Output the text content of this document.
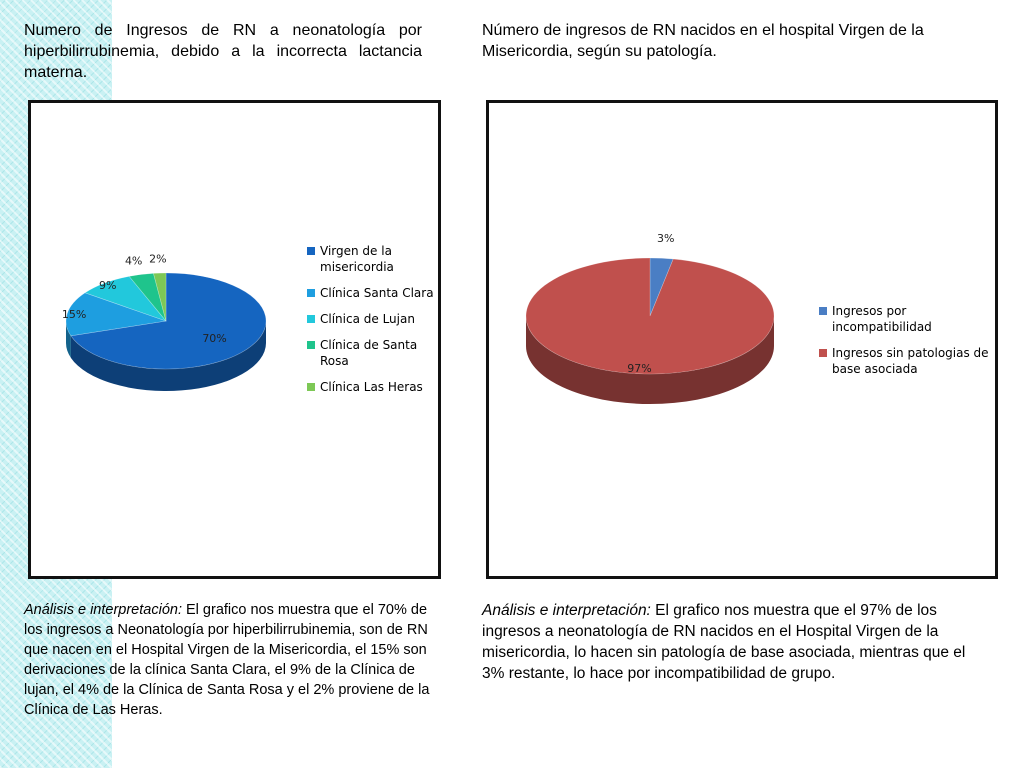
Numero de Ingresos de RN a neonatología por hiperbilirrubinemia, debido a la incorrecta lactancia materna.

Número de ingresos de RN nacidos en el hospital Virgen de la Misericordia, según su patología.

70%
15%
9%
4% 2%
Virgen de la misericordia
Clínica Santa Clara
Clínica de Lujan
Clínica de Santa Rosa
Clínica Las Heras
3%
97%
Ingresos por incompatibilidad
Ingresos sin patologias de base asociada

Análisis e interpretación: El grafico nos muestra que el 70% de los ingresos a Neonatología por hiperbilirrubinemia, son de RN que nacen en el Hospital Virgen de la Misericordia, el 15% son derivaciones de la clínica Santa Clara, el 9% de la Clínica de lujan, el 4% de la Clínica de Santa Rosa y el 2% proviene de la Clínica de Las Heras.

Análisis e interpretación: El grafico nos muestra que el 97% de los ingresos a neonatología de RN nacidos en el Hospital Virgen de la misericordia, lo hacen sin patología de base asociada, mientras que el 3% restante, lo hace por incompatibilidad de grupo.
